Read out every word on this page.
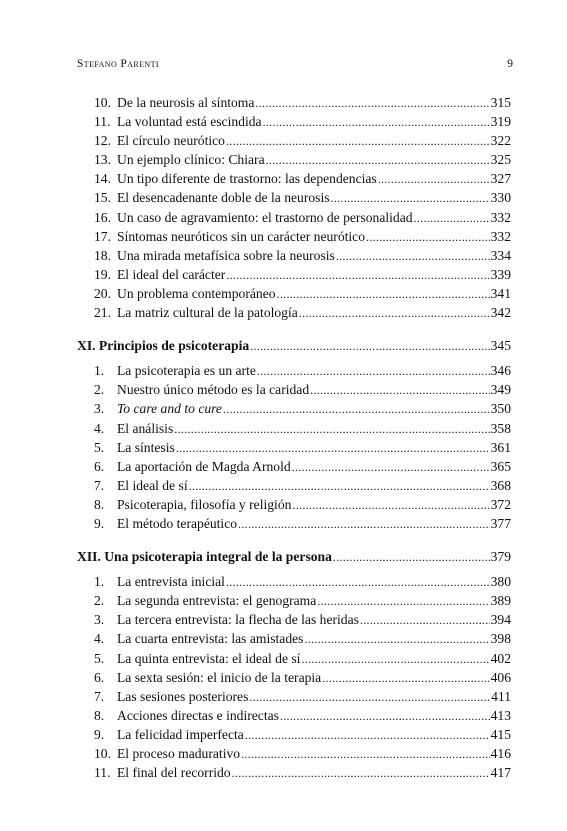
Stefano Parenti	9
10. De la neurosis al síntoma .....	315
11. La voluntad está escindida .....	319
12. El círculo neurótico .....	322
13. Un ejemplo clínico: Chiara .....	325
14. Un tipo diferente de trastorno: las dependencias .....	327
15. El desencadenante doble de la neurosis .....	330
16. Un caso de agravamiento: el trastorno de personalidad .....	332
17. Síntomas neuróticos sin un carácter neurótico .....	332
18. Una mirada metafísica sobre la neurosis .....	334
19. El ideal del carácter .....	339
20. Un problema contemporáneo .....	341
21. La matriz cultural de la patología .....	342
XI. Principios de psicoterapia .....	345
1. La psicoterapia es un arte .....	346
2. Nuestro único método es la caridad .....	349
3. To care and to cure .....	350
4. El análisis .....	358
5. La síntesis .....	361
6. La aportación de Magda Arnold .....	365
7. El ideal de sí .....	368
8. Psicoterapia, filosofía y religión .....	372
9. El método terapéutico .....	377
XII. Una psicoterapia integral de la persona .....	379
1. La entrevista inicial .....	380
2. La segunda entrevista: el genograma .....	389
3. La tercera entrevista: la flecha de las heridas .....	394
4. La cuarta entrevista: las amistades .....	398
5. La quinta entrevista: el ideal de sí .....	402
6. La sexta sesión: el inicio de la terapia .....	406
7. Las sesiones posteriores .....	411
8. Acciones directas e indirectas .....	413
9. La felicidad imperfecta .....	415
10. El proceso madurativo .....	416
11. El final del recorrido .....	417
